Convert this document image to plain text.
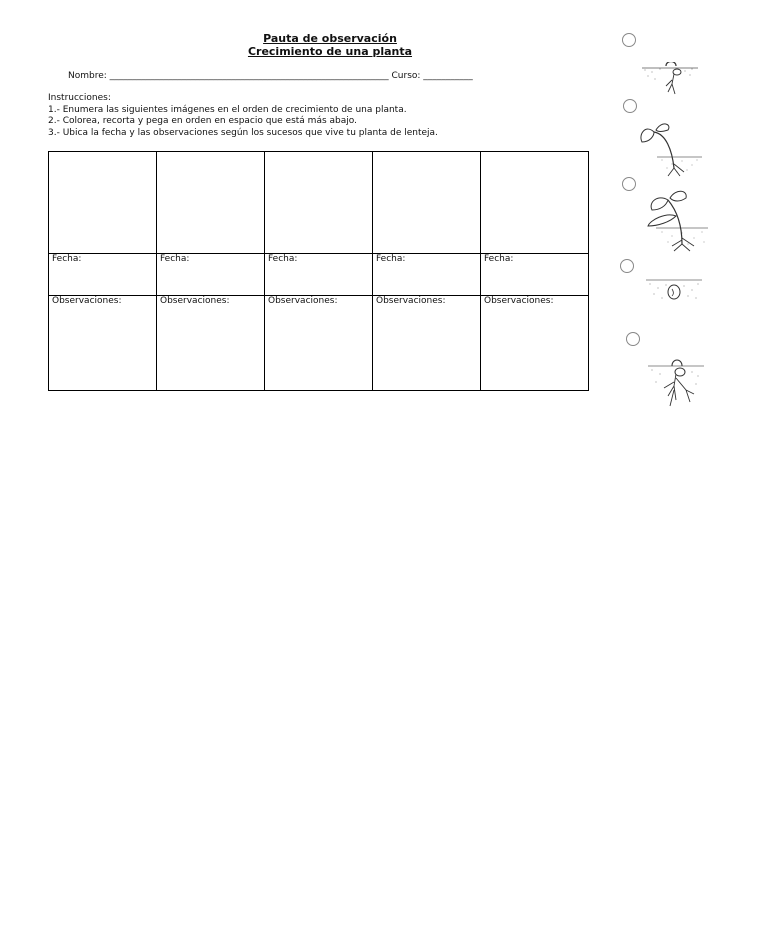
Pauta de observación
Crecimiento de una planta
Nombre: ______________________________________________________________ Curso: ___________
Instrucciones:
1.- Enumera las siguientes imágenes en el orden de crecimiento de una planta.
2.- Colorea, recorta y pega en orden en espacio que está más abajo.
3.- Ubica la fecha y las observaciones según los sucesos que vive tu planta de lenteja.

Fecha:	Fecha:	Fecha:	Fecha:	Fecha:
Observaciones:	Observaciones:	Observaciones:	Observaciones:	Observaciones:
